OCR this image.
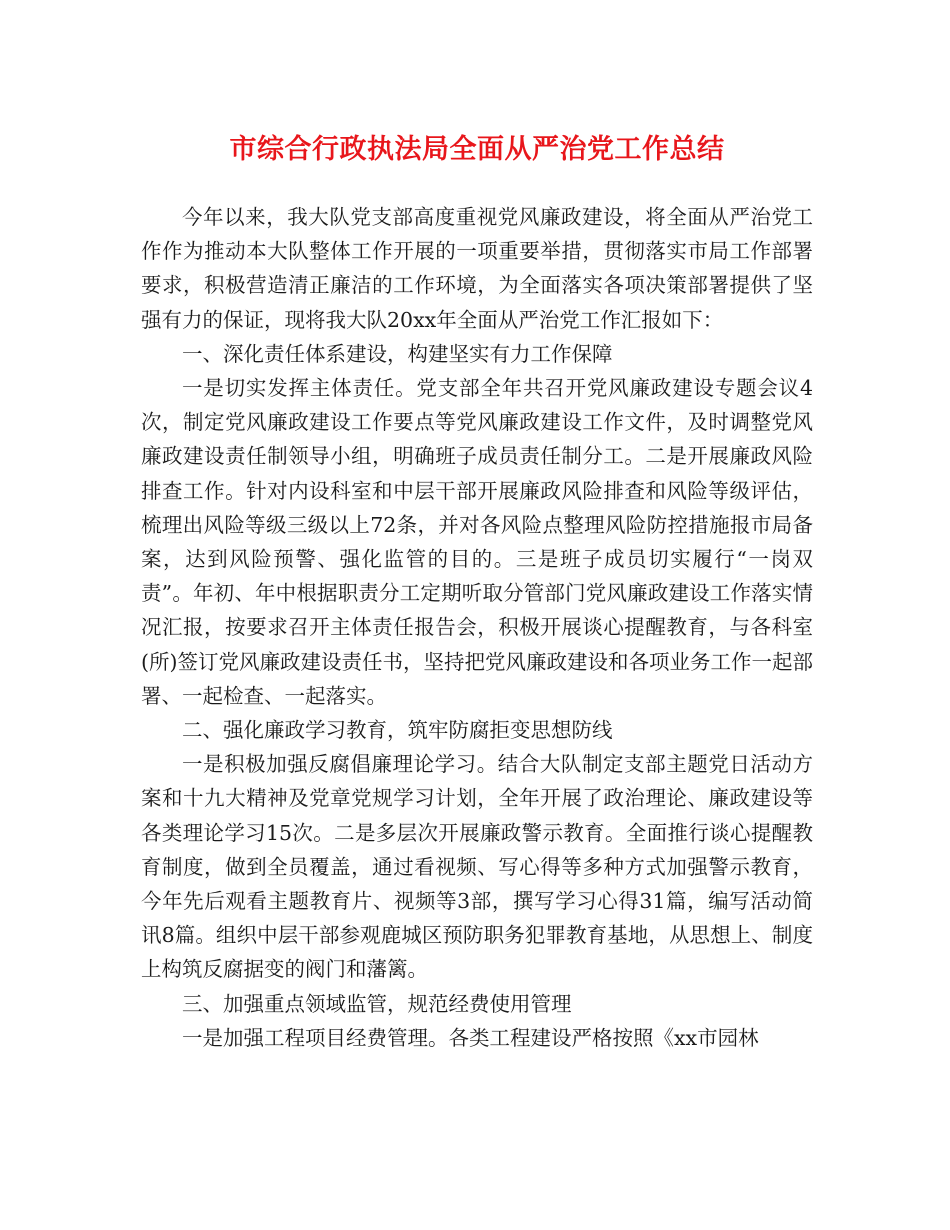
市综合行政执法局全面从严治党工作总结

今年以来，我大队党支部高度重视党风廉政建设，将全面从严治党工作作为推动本大队整体工作开展的一项重要举措，贯彻落实市局工作部署要求，积极营造清正廉洁的工作环境，为全面落实各项决策部署提供了坚强有力的保证，现将我大队20xx年全面从严治党工作汇报如下：

一、深化责任体系建设，构建坚实有力工作保障

一是切实发挥主体责任。党支部全年共召开党风廉政建设专题会议4次，制定党风廉政建设工作要点等党风廉政建设工作文件，及时调整党风廉政建设责任制领导小组，明确班子成员责任制分工。二是开展廉政风险排查工作。针对内设科室和中层干部开展廉政风险排查和风险等级评估，梳理出风险等级三级以上72条，并对各风险点整理风险防控措施报市局备案，达到风险预警、强化监管的目的。三是班子成员切实履行“一岗双责”。年初、年中根据职责分工定期听取分管部门党风廉政建设工作落实情况汇报，按要求召开主体责任报告会，积极开展谈心提醒教育，与各科室(所)签订党风廉政建设责任书，坚持把党风廉政建设和各项业务工作一起部署、一起检查、一起落实。

二、强化廉政学习教育，筑牢防腐拒变思想防线

一是积极加强反腐倡廉理论学习。结合大队制定支部主题党日活动方案和十九大精神及党章党规学习计划，全年开展了政治理论、廉政建设等各类理论学习15次。二是多层次开展廉政警示教育。全面推行谈心提醒教育制度，做到全员覆盖，通过看视频、写心得等多种方式加强警示教育，今年先后观看主题教育片、视频等3部，撰写学习心得31篇，编写活动简讯8篇。组织中层干部参观鹿城区预防职务犯罪教育基地，从思想上、制度上构筑反腐据变的阀门和藩篱。

三、加强重点领域监管，规范经费使用管理

一是加强工程项目经费管理。各类工程建设严格按照《xx市园林
